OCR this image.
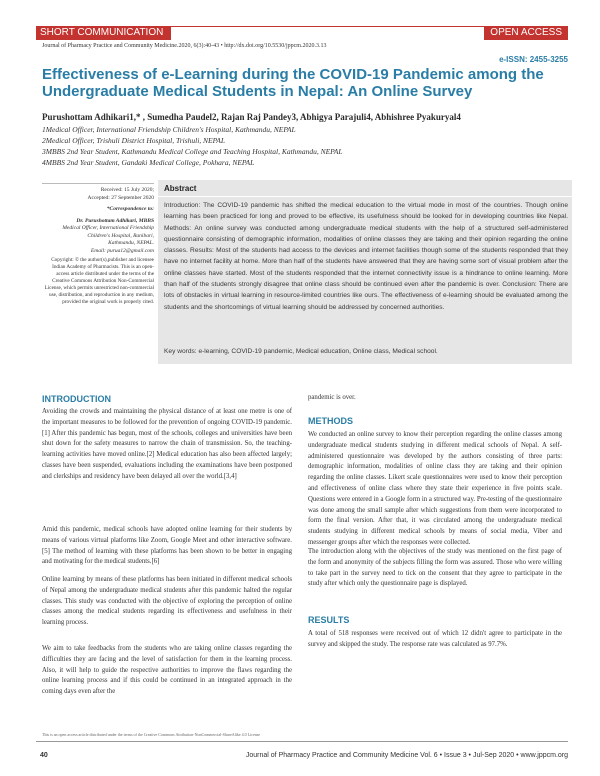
SHORT COMMUNICATION	OPEN ACCESS
Journal of Pharmacy Practice and Community Medicine.2020, 6(3):40-43 • http://dx.doi.org/10.5530/jppcm.2020.3.13
e-ISSN: 2455-3255
Effectiveness of e-Learning during the COVID-19 Pandemic among the Undergraduate Medical Students in Nepal: An Online Survey
Purushottam Adhikari1,* , Sumedha Paudel2, Rajan Raj Pandey3, Abhigya Parajuli4, Abhishree Pyakuryal4
1Medical Officer, International Friendship Children's Hospital, Kathmandu, NEPAL
2Medical Officer, Trishuli District Hospital, Trishuli, NEPAL
3MBBS 2nd Year Student, Kathmandu Medical College and Teaching Hospital, Kathmandu, NEPAL
4MBBS 2nd Year Student, Gandaki Medical College, Pokhara, NEPAL
Received: 15 July 2020;
Accepted: 27 September 2020
*Correspondence to:
Dr. Purushottam Adhikari, MBBS
Medical Officer, International Friendship
Children's Hospital, Ranibari,
Kathmandu, NEPAL.
Email: purua12@gmail.com
Copyright: © the author(s),publisher and licensee Indian Academy of Pharmacists. This is an open-access article distributed under the terms of the Creative Commons Attribution Non-Commercial License, which permits unrestricted non-commercial use, distribution, and reproduction in any medium, provided the original work is properly cited.
Abstract
Introduction: The COVID-19 pandemic has shifted the medical education to the virtual mode in most of the countries. Though online learning has been practiced for long and proved to be effective, its usefulness should be looked for in developing countries like Nepal. Methods: An online survey was conducted among undergraduate medical students with the help of a structured self-administered questionnaire consisting of demographic information, modalities of online classes they are taking and their opinion regarding the online classes. Results: Most of the students had access to the devices and internet facilities though some of the students responded that they have no internet facility at home. More than half of the students have answered that they are having some sort of visual problem after the online classes have started. Most of the students responded that the internet connectivity issue is a hindrance to online learning. More than half of the students strongly disagree that online class should be continued even after the pandemic is over. Conclusion: There are lots of obstacles in virtual learning in resource-limited countries like ours. The effectiveness of e-learning should be evaluated among the students and the shortcomings of virtual learning should be addressed by concerned authorities.
Key words: e-learning, COVID-19 pandemic, Medical education, Online class, Medical school.
INTRODUCTION
Avoiding the crowds and maintaining the physical distance of at least one metre is one of the important measures to be followed for the prevention of ongoing COVID-19 pandemic.[1] After this pandemic has begun, most of the schools, colleges and universities have been shut down for the safety measures to narrow the chain of transmission. So, the teaching-learning activities have moved online.[2] Medical education has also been affected largely; classes have been suspended, evaluations including the examinations have been postponed and clerkships and residency have been delayed all over the world.[3,4]
Amid this pandemic, medical schools have adopted online learning for their students by means of various virtual platforms like Zoom, Google Meet and other interactive software.[5] The method of learning with these platforms has been shown to be better in engaging and motivating for the medical students.[6]
Online learning by means of these platforms has been initiated in different medical schools of Nepal among the undergraduate medical students after this pandemic halted the regular classes. This study was conducted with the objective of exploring the perception of online classes among the medical students regarding its effectiveness and usefulness in their learning process.
We aim to take feedbacks from the students who are taking online classes regarding the difficulties they are facing and the level of satisfaction for them in the learning process. Also, it will help to guide the respective authorities to improve the flaws regarding the online learning process and if this could be continued in an integrated approach in the coming days even after the
pandemic is over.
METHODS
We conducted an online survey to know their perception regarding the online classes among undergraduate medical students studying in different medical schools of Nepal. A self-administered questionnaire was developed by the authors consisting of three parts: demographic information, modalities of online class they are taking and their opinion regarding the online classes. Likert scale questionnaires were used to know their perception and effectiveness of online class where they state their experience in five points scale. Questions were entered in a Google form in a structured way. Pre-testing of the questionnaire was done among the small sample after which suggestions from them were incorporated to form the final version. After that, it was circulated among the undergraduate medical students studying in different medical schools by means of social media, Viber and messenger groups after which the responses were collected.
The introduction along with the objectives of the study was mentioned on the first page of the form and anonymity of the subjects filling the form was assured. Those who were willing to take part in the survey need to tick on the consent that they agree to participate in the study after which only the questionnaire page is displayed.
RESULTS
A total of 518 responses were received out of which 12 didn't agree to participate in the survey and skipped the study. The response rate was calculated as 97.7%.
This is an open access article distributed under the terms of the Creative Commons Attribution-NonCommercial-ShareAlike 4.0 License
40	Journal of Pharmacy Practice and Community Medicine Vol. 6 • Issue 3 • Jul-Sep 2020 • www.jppcm.org
